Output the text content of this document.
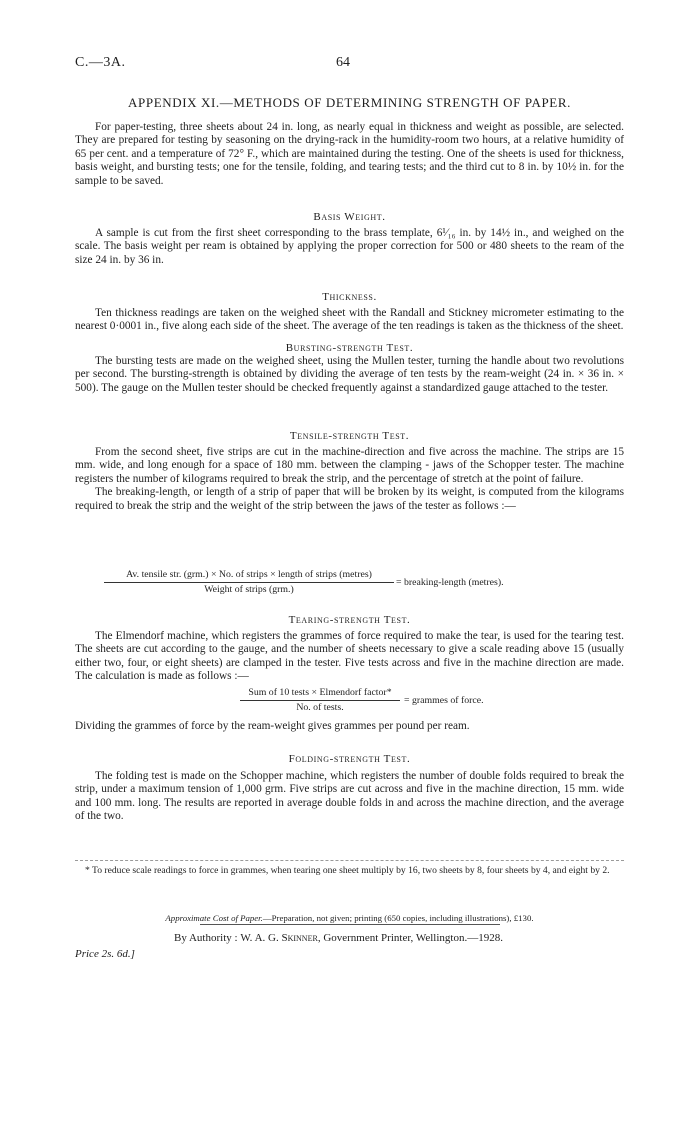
C.—3A.	64
APPENDIX XI.—METHODS OF DETERMINING STRENGTH OF PAPER.

For paper-testing, three sheets about 24 in. long, as nearly equal in thickness and weight as possible, are selected. They are prepared for testing by seasoning on the drying-rack in the humidity-room two hours, at a relative humidity of 65 per cent. and a temperature of 72° F., which are maintained during the testing. One of the sheets is used for thickness, basis weight, and bursting tests; one for the tensile, folding, and tearing tests; and the third cut to 8 in. by 10½ in. for the sample to be saved.

Basis Weight.

A sample is cut from the first sheet corresponding to the brass template, 6¹⁄₁₆ in. by 14½ in., and weighed on the scale. The basis weight per ream is obtained by applying the proper correction for 500 or 480 sheets to the ream of the size 24 in. by 36 in.

Thickness.

Ten thickness readings are taken on the weighed sheet with the Randall and Stickney micrometer estimating to the nearest 0·0001 in., five along each side of the sheet. The average of the ten readings is taken as the thickness of the sheet.

Bursting-strength Test.

The bursting tests are made on the weighed sheet, using the Mullen tester, turning the handle about two revolutions per second. The bursting-strength is obtained by dividing the average of ten tests by the ream-weight (24 in. × 36 in. × 500). The gauge on the Mullen tester should be checked frequently against a standardized gauge attached to the tester.

Tensile-strength Test.

From the second sheet, five strips are cut in the machine-direction and five across the machine. The strips are 15 mm. wide, and long enough for a space of 180 mm. between the clamping - jaws of the Schopper tester. The machine registers the number of kilograms required to break the strip, and the percentage of stretch at the point of failure.

The breaking-length, or length of a strip of paper that will be broken by its weight, is computed from the kilograms required to break the strip and the weight of the strip between the jaws of the tester as follows :—

Av. tensile str. (grm.) × No. of strips × length of strips (metres)
Weight of strips (grm.)
= breaking-length (metres).
Tearing-strength Test.

The Elmendorf machine, which registers the grammes of force required to make the tear, is used for the tearing test. The sheets are cut according to the gauge, and the number of sheets necessary to give a scale reading above 15 (usually either two, four, or eight sheets) are clamped in the tester. Five tests across and five in the machine direction are made. The calculation is made as follows :—

Sum of 10 tests × Elmendorf factor*
No. of tests.
= grammes of force.

Dividing the grammes of force by the ream-weight gives grammes per pound per ream.

Folding-strength Test.

The folding test is made on the Schopper machine, which registers the number of double folds required to break the strip, under a maximum tension of 1,000 grm. Five strips are cut across and five in the machine direction, 15 mm. wide and 100 mm. long. The results are reported in average double folds in and across the machine direction, and the average of the two.

* To reduce scale readings to force in grammes, when tearing one sheet multiply by 16, two sheets by 8, four sheets by 4, and eight by 2.
Approximate Cost of Paper.—Preparation, not given; printing (650 copies, including illustrations), £130.
By Authority : W. A. G. Skinner, Government Printer, Wellington.—1928.
Price 2s. 6d.]
